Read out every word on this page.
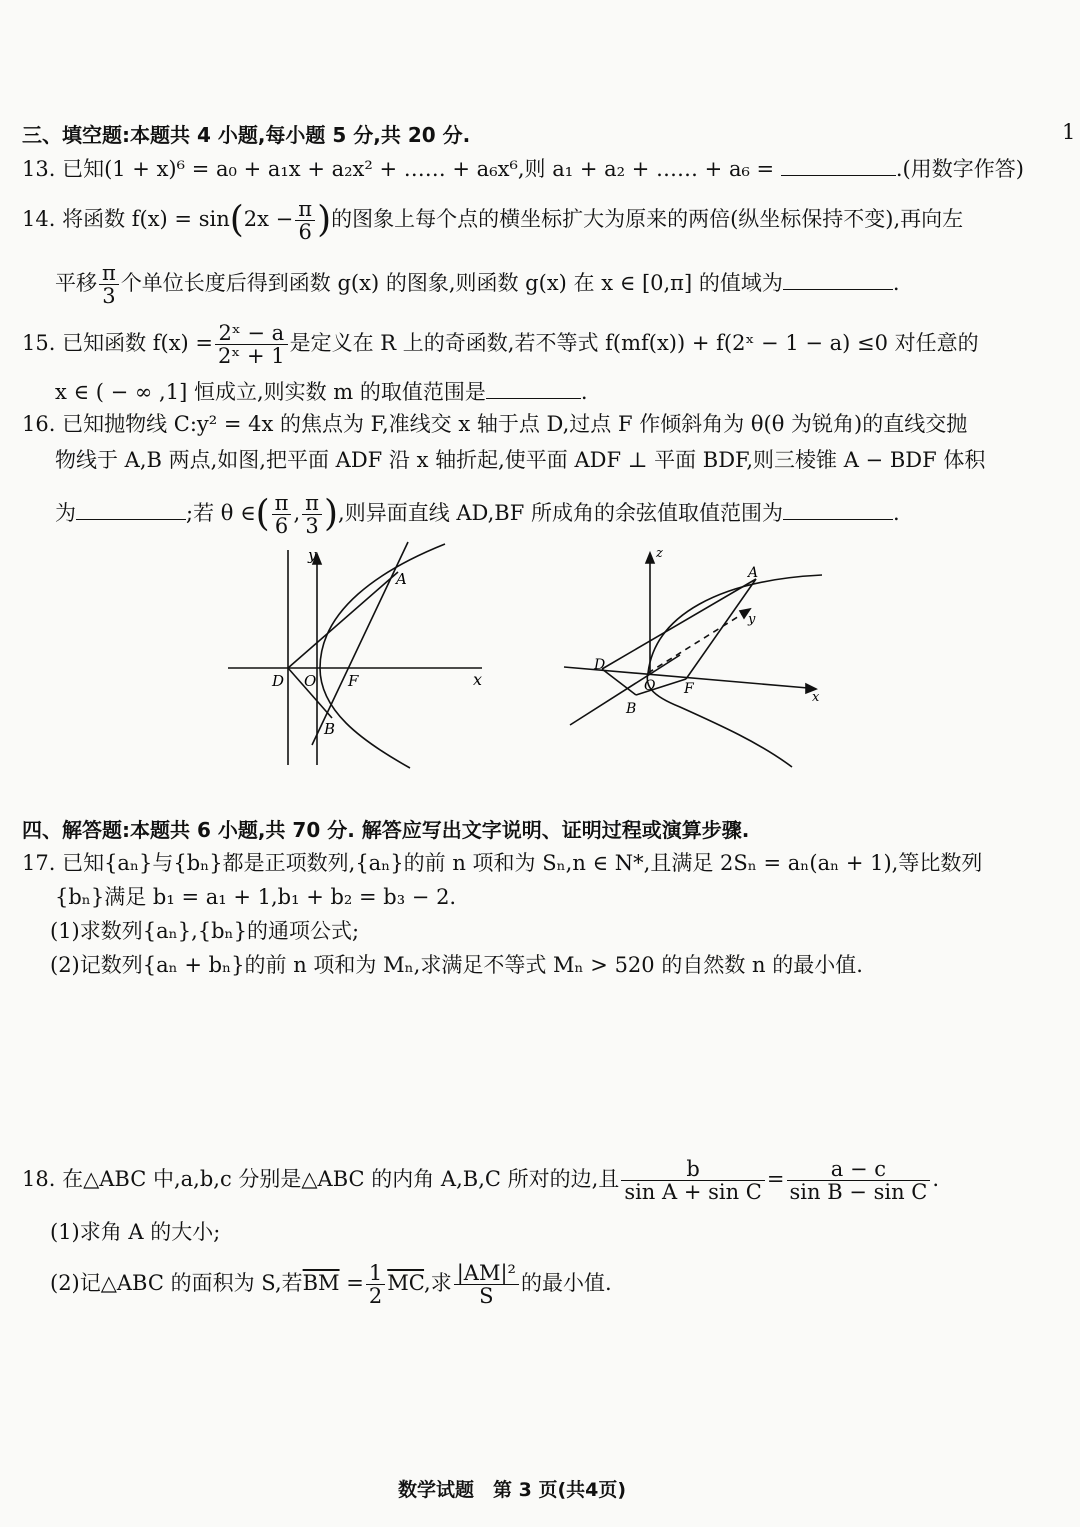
1
三、填空题:本题共 4 小题,每小题 5 分,共 20 分.
13. 已知(1 + x)⁶ = a₀ + a₁x + a₂x² + …… + a₆x⁶,则 a₁ + a₂ + …… + a₆ =	.(用数字作答)
14. 将函数 $f(x) = \sin(2x - \frac{\pi}{6}$ )的图象上每个点的横坐标扩大为原来的两倍(纵坐标保持不变),再向左
平移 $\frac{\pi}{3}$ 个单位长度后得到函数 g(x) 的图象,则函数 g(x) 在 x ∈ [0,π] 的值域为	.
15. 已知函数 $f(x) = \frac{\text{2ˣ − a}}{\text{2ˣ + 1}}$ 是定义在 R 上的奇函数,若不等式 f(mf(x)) + f(2ˣ − 1 − a) ≤0 对任意的
x ∈ ( − ∞ ,1] 恒成立,则实数 m 的取值范围是	.
16. 已知抛物线 C:y² = 4x 的焦点为 F,准线交 x 轴于点 D,过点 F 作倾斜角为 θ(θ 为锐角)的直线交抛
物线于 A,B 两点,如图,把平面 ADF 沿 x 轴折起,使平面 ADF ⊥ 平面 BDF,则三棱锥 A − BDF 体积
为	;若 θ ∈( $\frac{\pi}{6}$ , $\frac{\pi}{3}$ ),则异面直线 AD,BF 所成角的余弦值取值范围为	.
y
x
A
B
D O F
z
y
x
A
B
D
O F
四、解答题:本题共 6 小题,共 70 分. 解答应写出文字说明、证明过程或演算步骤.
17. 已知{aₙ}与{bₙ}都是正项数列,{aₙ}的前 n 项和为 Sₙ,n ∈ N*,且满足 2Sₙ = aₙ(aₙ + 1),等比数列
{bₙ}满足 b₁ = a₁ + 1,b₁ + b₂ = b₃ − 2.
(1)求数列{aₙ},{bₙ}的通项公式;
(2)记数列{aₙ + bₙ}的前 n 项和为 Mₙ,求满足不等式 Mₙ > 520 的自然数 n 的最小值.
18. 在△ABC 中,a,b,c 分别是△ABC 的内角 A,B,C 所对的边,且 $\frac{b}{\text{sin A + sin C}} = \frac{a - c}{\text{sin B − sin C}}$ .
(1)求角 A 的大小;
(2)记△ABC 的面积为 S,若$\overline{BM} = \frac{1}{2} \overline{MC}$,求 $\frac{\text{|AM|²}}{S}$ 的最小值.
数学试题　第 3 页(共4页)
